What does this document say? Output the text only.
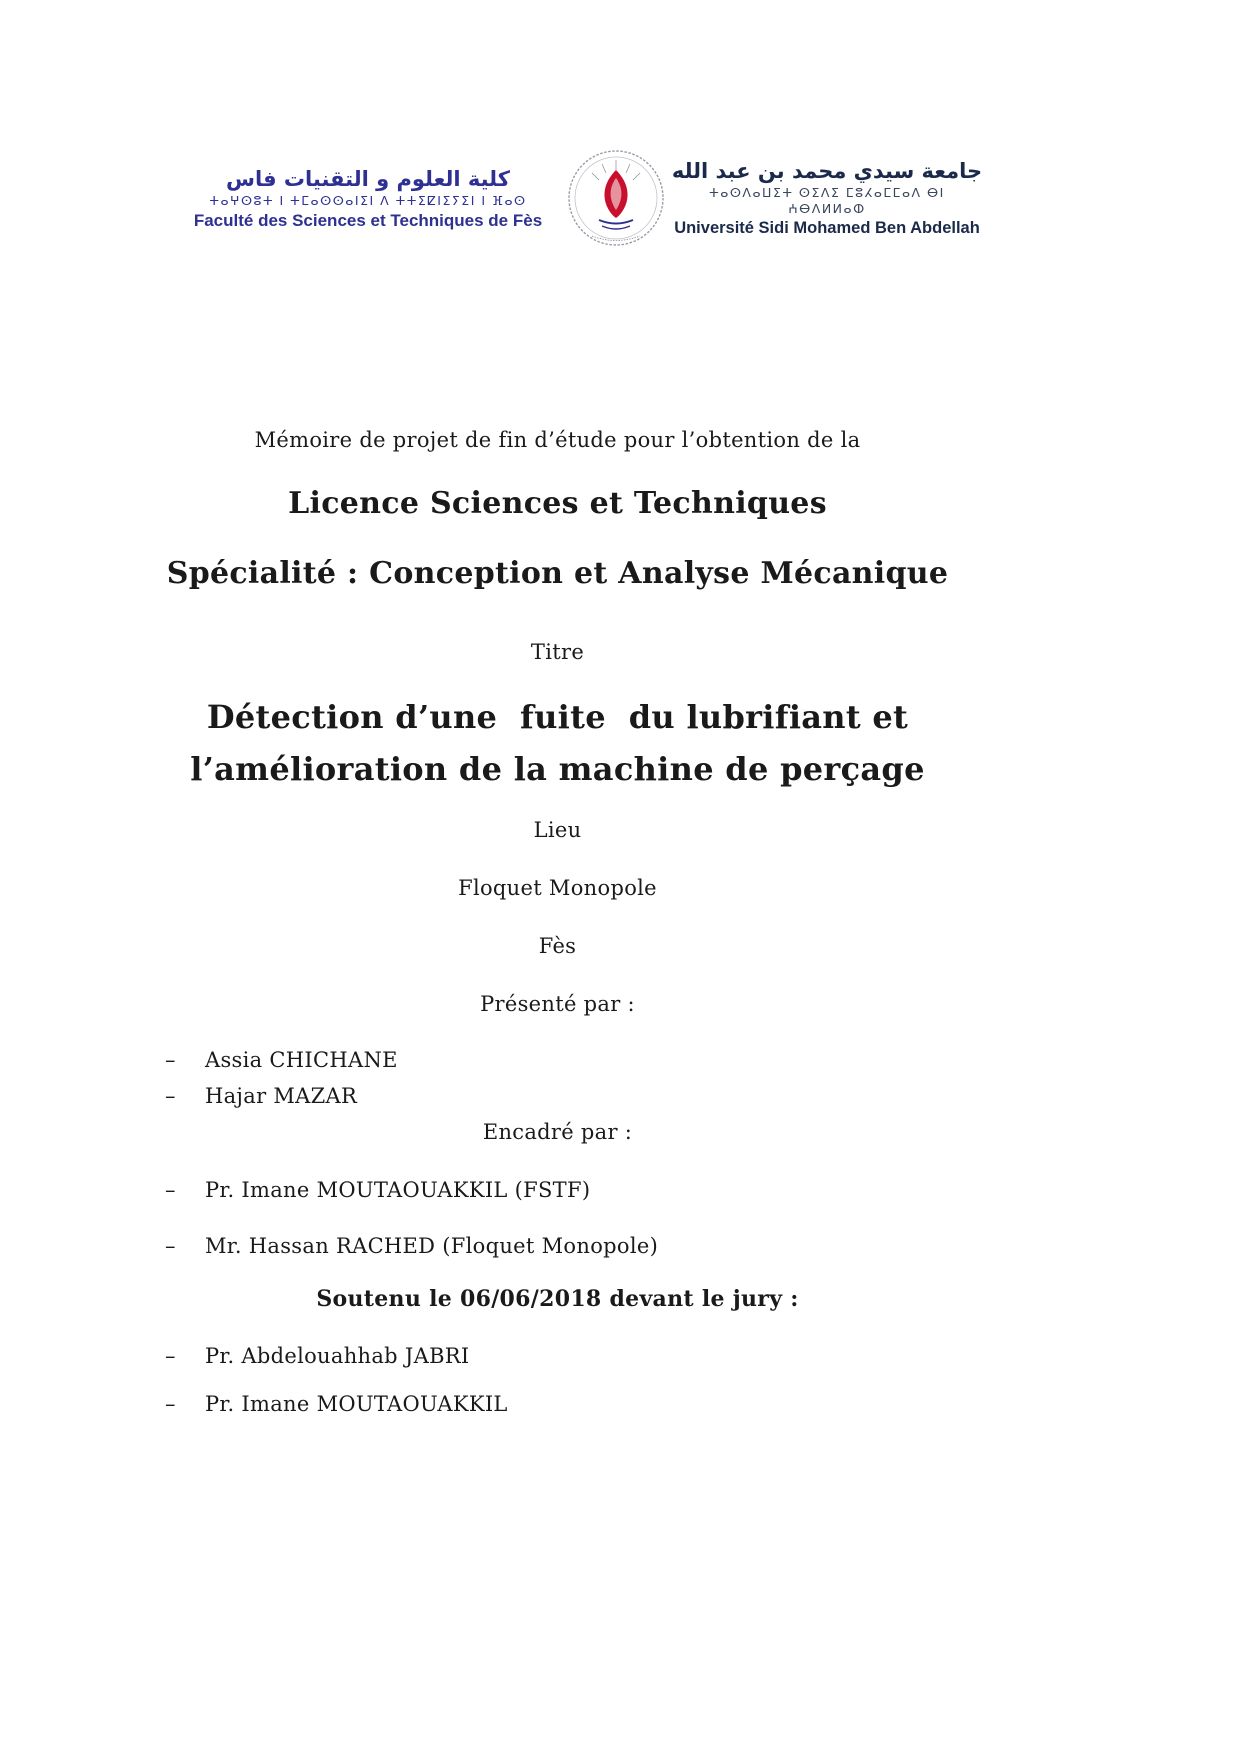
كلية العلوم و التقنيات فاس
ⵜⴰⵖⵙⵓⵜ ⵏ ⵜⵎⴰⵙⵙⴰⵏⵉⵏ ⴷ ⵜⵜⵉⵇⵏⵉⵢⵉⵏ ⵏ ⴼⴰⵙ
Faculté des Sciences et Techniques de Fès
جامعة سيدي محمد بن عبد الله
ⵜⴰⵙⴷⴰⵡⵉⵜ ⵙⵉⴷⵉ ⵎⵓⵃⴰⵎⵎⴰⴷ ⴱⵏ ⵄⴱⴷⵍⵍⴰⵀ
Université Sidi Mohamed Ben Abdellah
Mémoire de projet de fin d’étude pour l’obtention de la
Licence Sciences et Techniques
Spécialité : Conception et Analyse Mécanique
Titre
Détection d’une  fuite  du lubrifiant et
l’amélioration de la machine de perçage
Lieu
Floquet Monopole
Fès
Présenté par :
–	Assia CHICHANE
–	Hajar MAZAR
Encadré par :
–	Pr. Imane MOUTAOUAKKIL (FSTF)
–	Mr. Hassan RACHED (Floquet Monopole)
Soutenu le 06/06/2018 devant le jury :
–	Pr. Abdelouahhab JABRI
–	Pr. Imane MOUTAOUAKKIL
